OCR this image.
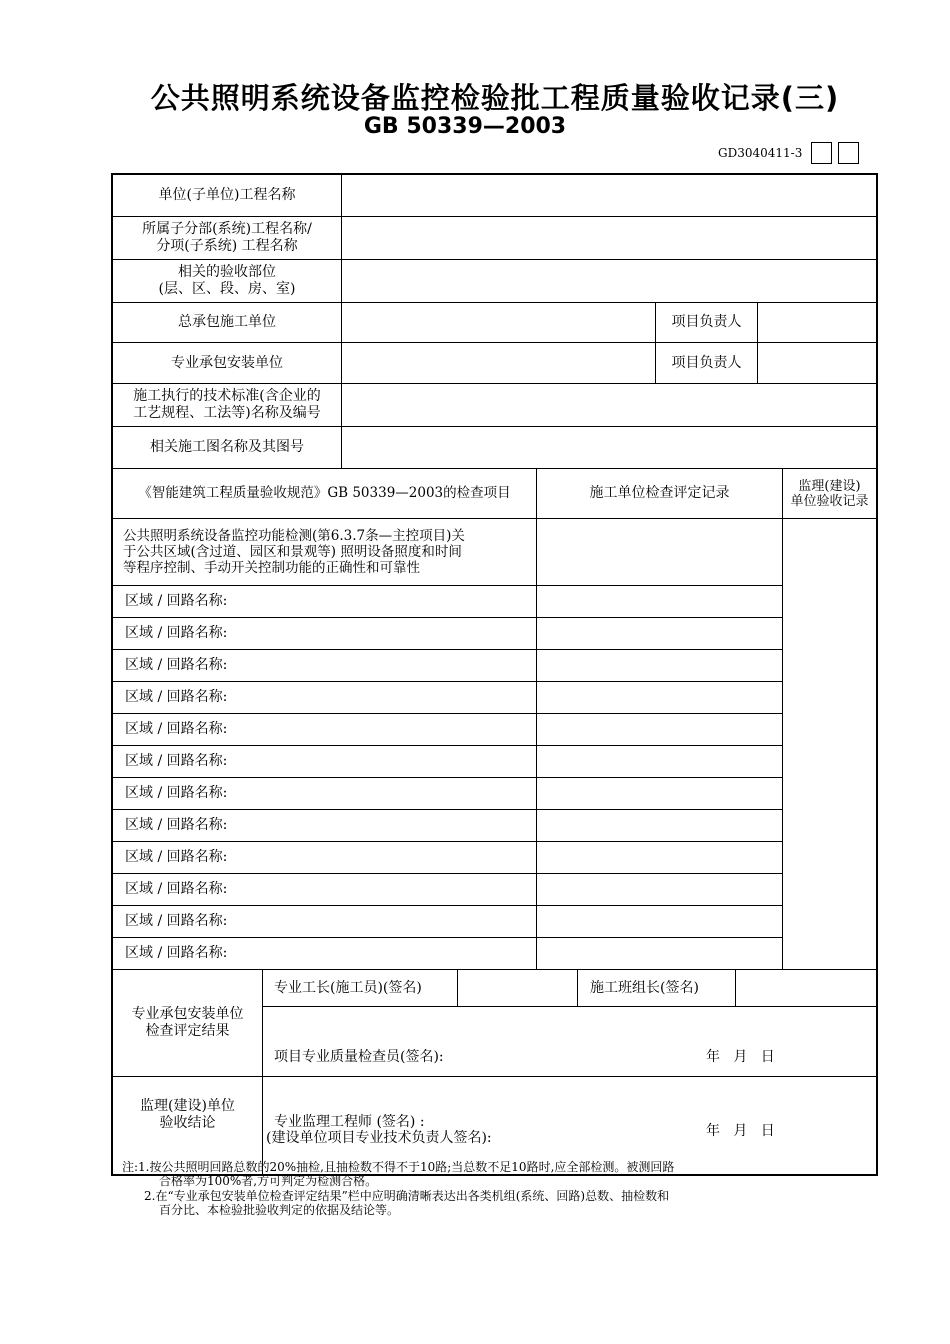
公共照明系统设备监控检验批工程质量验收记录(三)
GB 50339—2003
GD3040411-3
单位(子单位)工程名称
所属子分部(系统)工程名称/
分项(子系统) 工程名称
相关的验收部位
(层、区、段、房、室)
总承包施工单位	项目负责人
专业承包安装单位	项目负责人
施工执行的技术标准(含企业的
工艺规程、工法等)名称及编号
相关施工图名称及其图号
《智能建筑工程质量验收规范》GB 50339—2003的检查项目	施工单位检查评定记录	监理(建设)
单位验收记录
公共照明系统设备监控功能检测(第6.3.7条—主控项目)关
于公共区域(含过道、园区和景观等) 照明设备照度和时间
等程序控制、手动开关控制功能的正确性和可靠性
区域 / 回路名称:
区域 / 回路名称:
区域 / 回路名称:
区域 / 回路名称:
区域 / 回路名称:
区域 / 回路名称:
区域 / 回路名称:
区域 / 回路名称:
区域 / 回路名称:
区域 / 回路名称:
区域 / 回路名称:
区域 / 回路名称:
专业承包安装单位
检查评定结果
专业工长(施工员)(签名)	施工班组长(签名)
项目专业质量检查员(签名):	年   月   日
监理(建设)单位
验收结论	专业监理工程师 (签名) :
(建设单位项目专业技术负责人签名):	年   月   日
注:1.按公共照明回路总数的20%抽检,且抽检数不得不于10路;当总数不足10路时,应全部检测。被测回路
合格率为100%者,方可判定为检测合格。
2.在“专业承包安装单位检查评定结果”栏中应明确清晰表达出各类机组(系统、回路)总数、抽检数和
百分比、本检验批验收判定的依据及结论等。
